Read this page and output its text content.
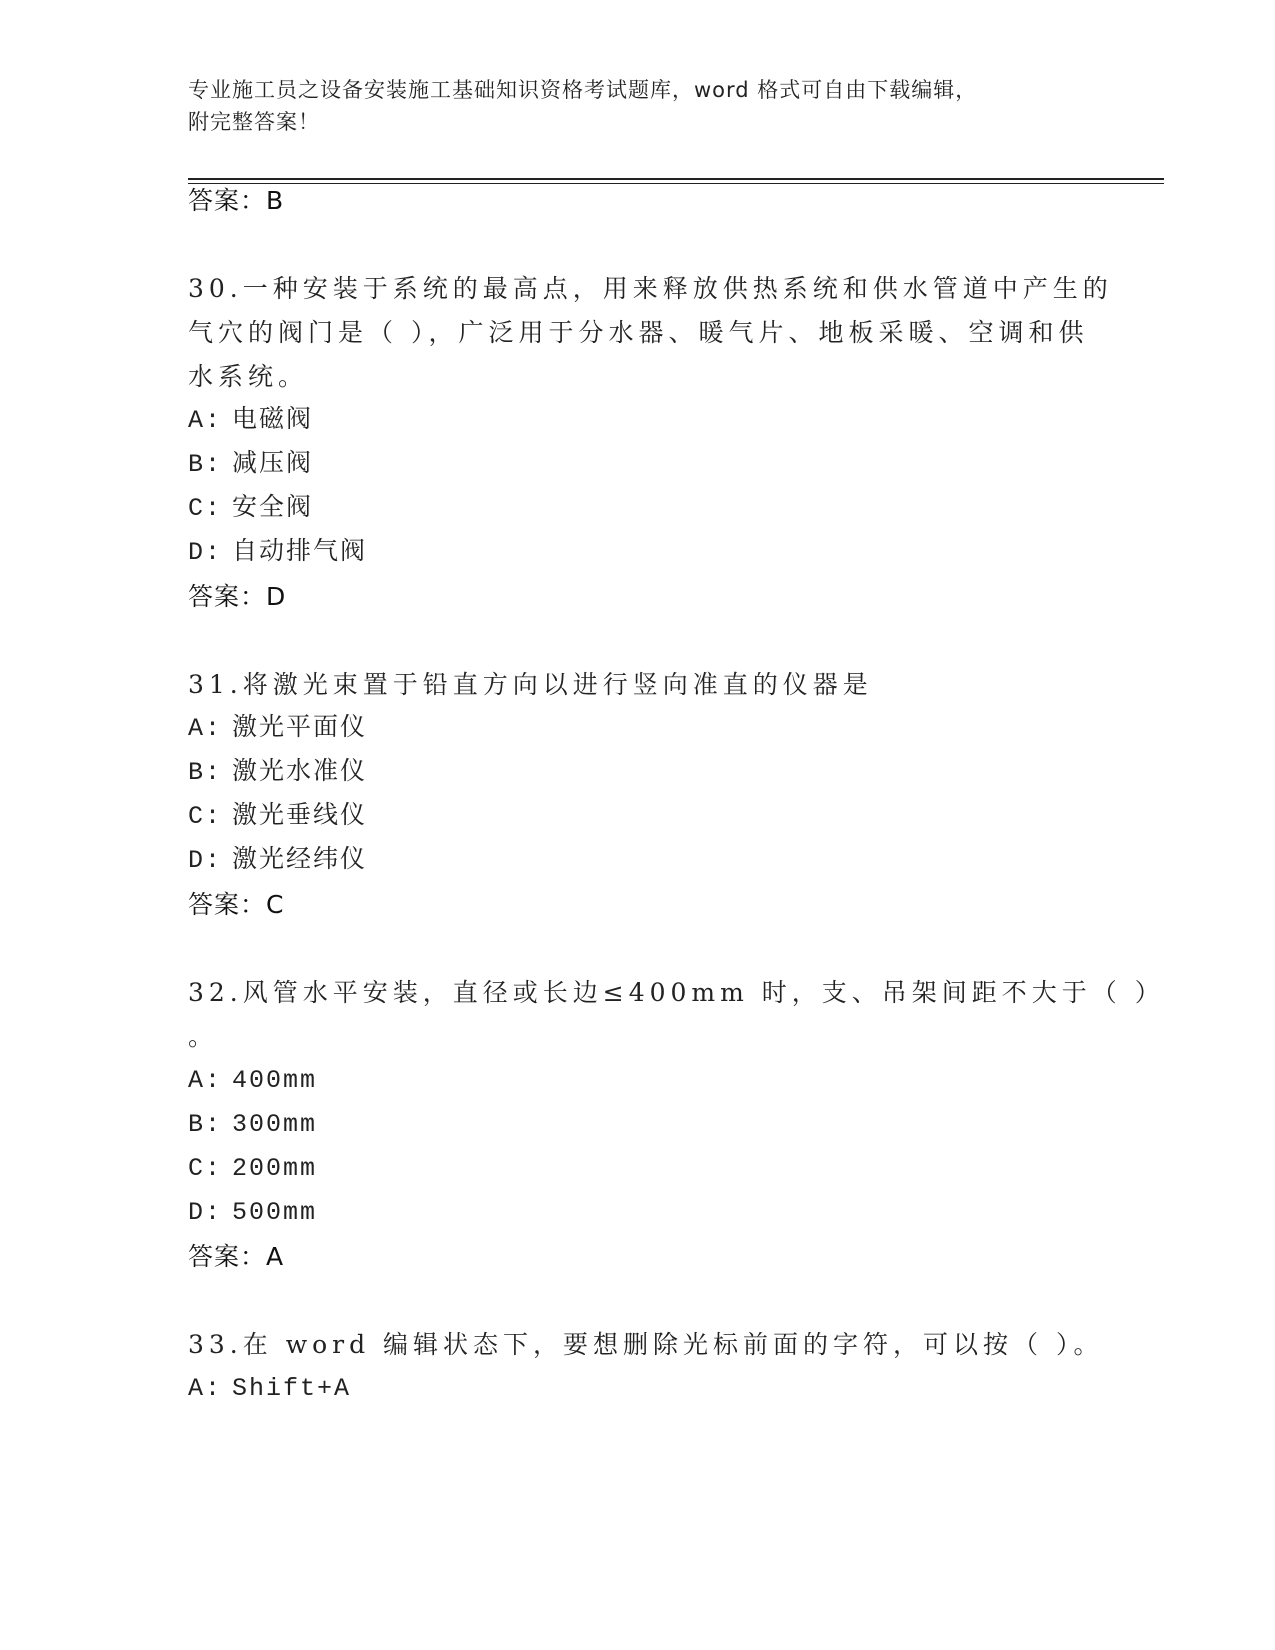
专业施工员之设备安装施工基础知识资格考试题库，word 格式可自由下载编辑，
附完整答案！
答案：B
30.一种安装于系统的最高点，用来释放供热系统和供水管道中产生的
气穴的阀门是（ ），广泛用于分水器、暖气片、地板采暖、空调和供
水系统。
A: 电磁阀
B: 减压阀
C: 安全阀
D: 自动排气阀
答案：D
31.将激光束置于铅直方向以进行竖向准直的仪器是
A: 激光平面仪
B: 激光水准仪
C: 激光垂线仪
D: 激光经纬仪
答案：C
32.风管水平安装，直径或长边≤400mm 时，支、吊架间距不大于（ ）
。
A: 400mm
B: 300mm
C: 200mm
D: 500mm
答案：A
33.在 word 编辑状态下，要想删除光标前面的字符，可以按（ ）。
A: Shift+A
